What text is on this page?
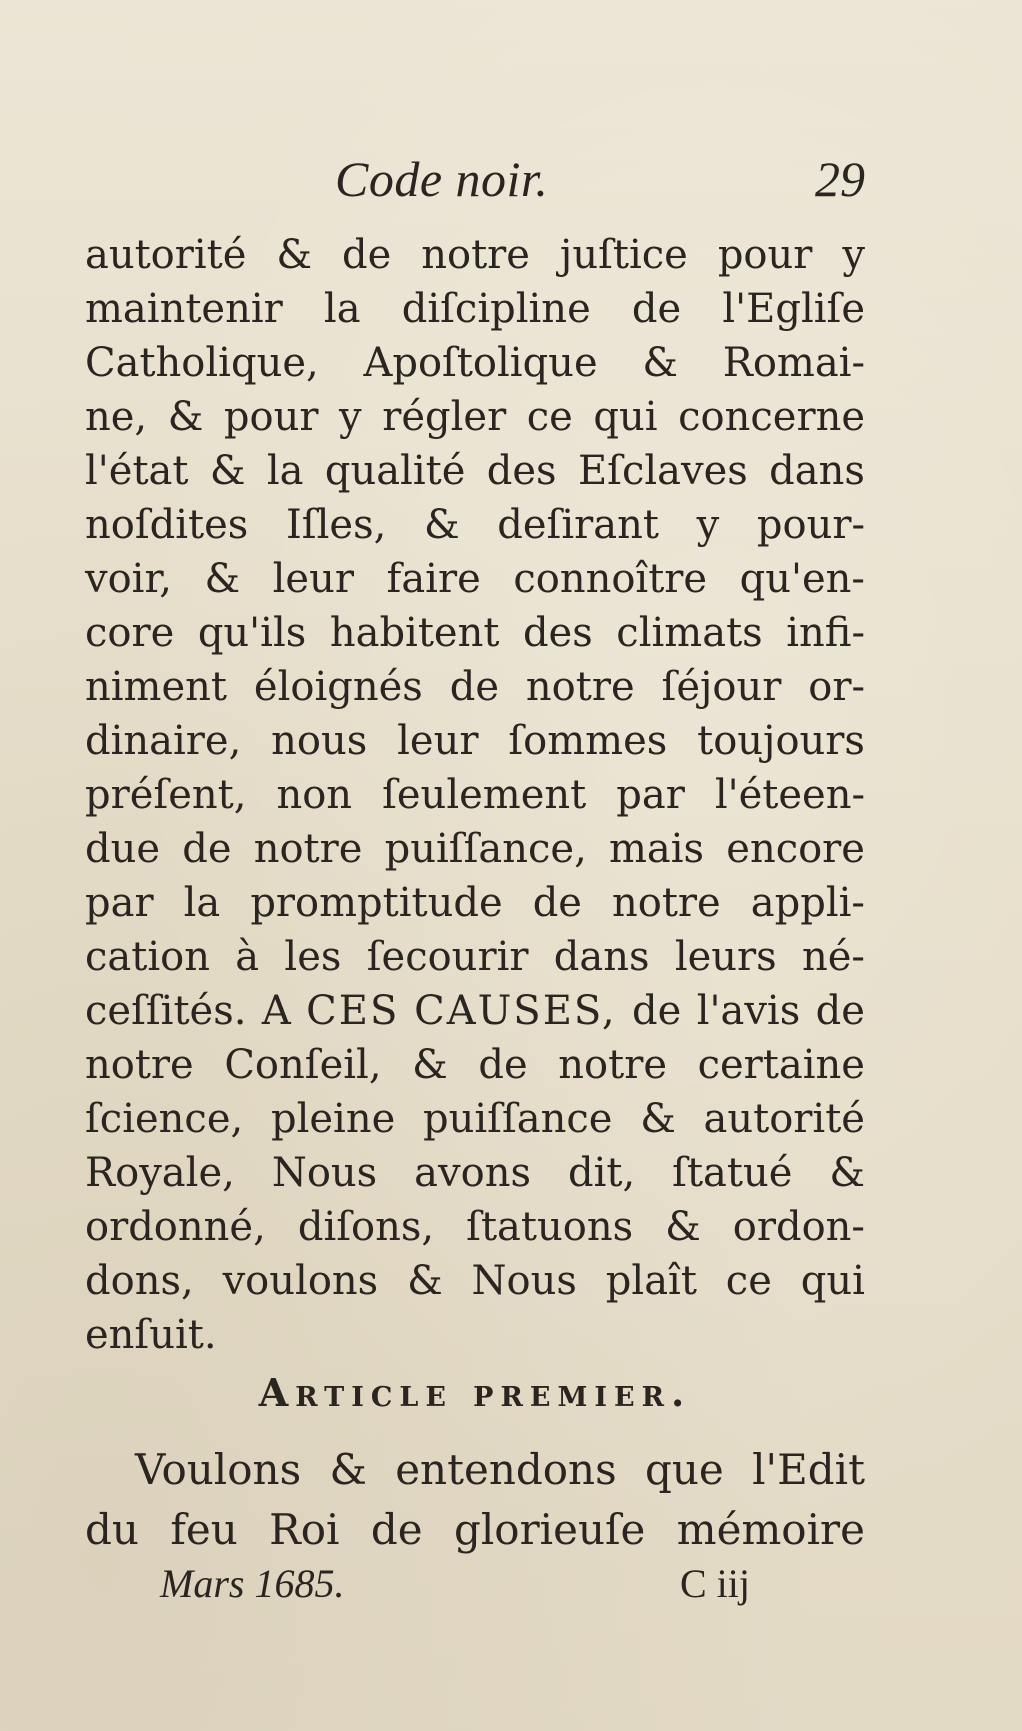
Code noir.	29
autorité & de notre juſtice pour y
maintenir la diſcipline de l'Egliſe
Catholique, Apoſtolique & Romai-
ne, & pour y régler ce qui concerne
l'état & la qualité des Eſclaves dans
noſdites Iſles, & deſirant y pour-
voir, & leur faire connoître qu'en-
core qu'ils habitent des climats infi-
niment éloignés de notre ſéjour or-
dinaire, nous leur ſommes toujours
préſent, non ſeulement par l'éteen-
due de notre puiſſance, mais encore
par la promptitude de notre appli-
cation à les ſecourir dans leurs né-
ceſſités. A CES CAUSES, de l'avis de
notre Conſeil, & de notre certaine
ſcience, pleine puiſſance & autorité
Royale, Nous avons dit, ſtatué &
ordonné, diſons, ſtatuons & ordon-
dons, voulons & Nous plaît ce qui
enſuit.
Article premier.
Voulons & entendons que l'Edit
du feu Roi de glorieuſe mémoire
Mars 1685.	C iij
